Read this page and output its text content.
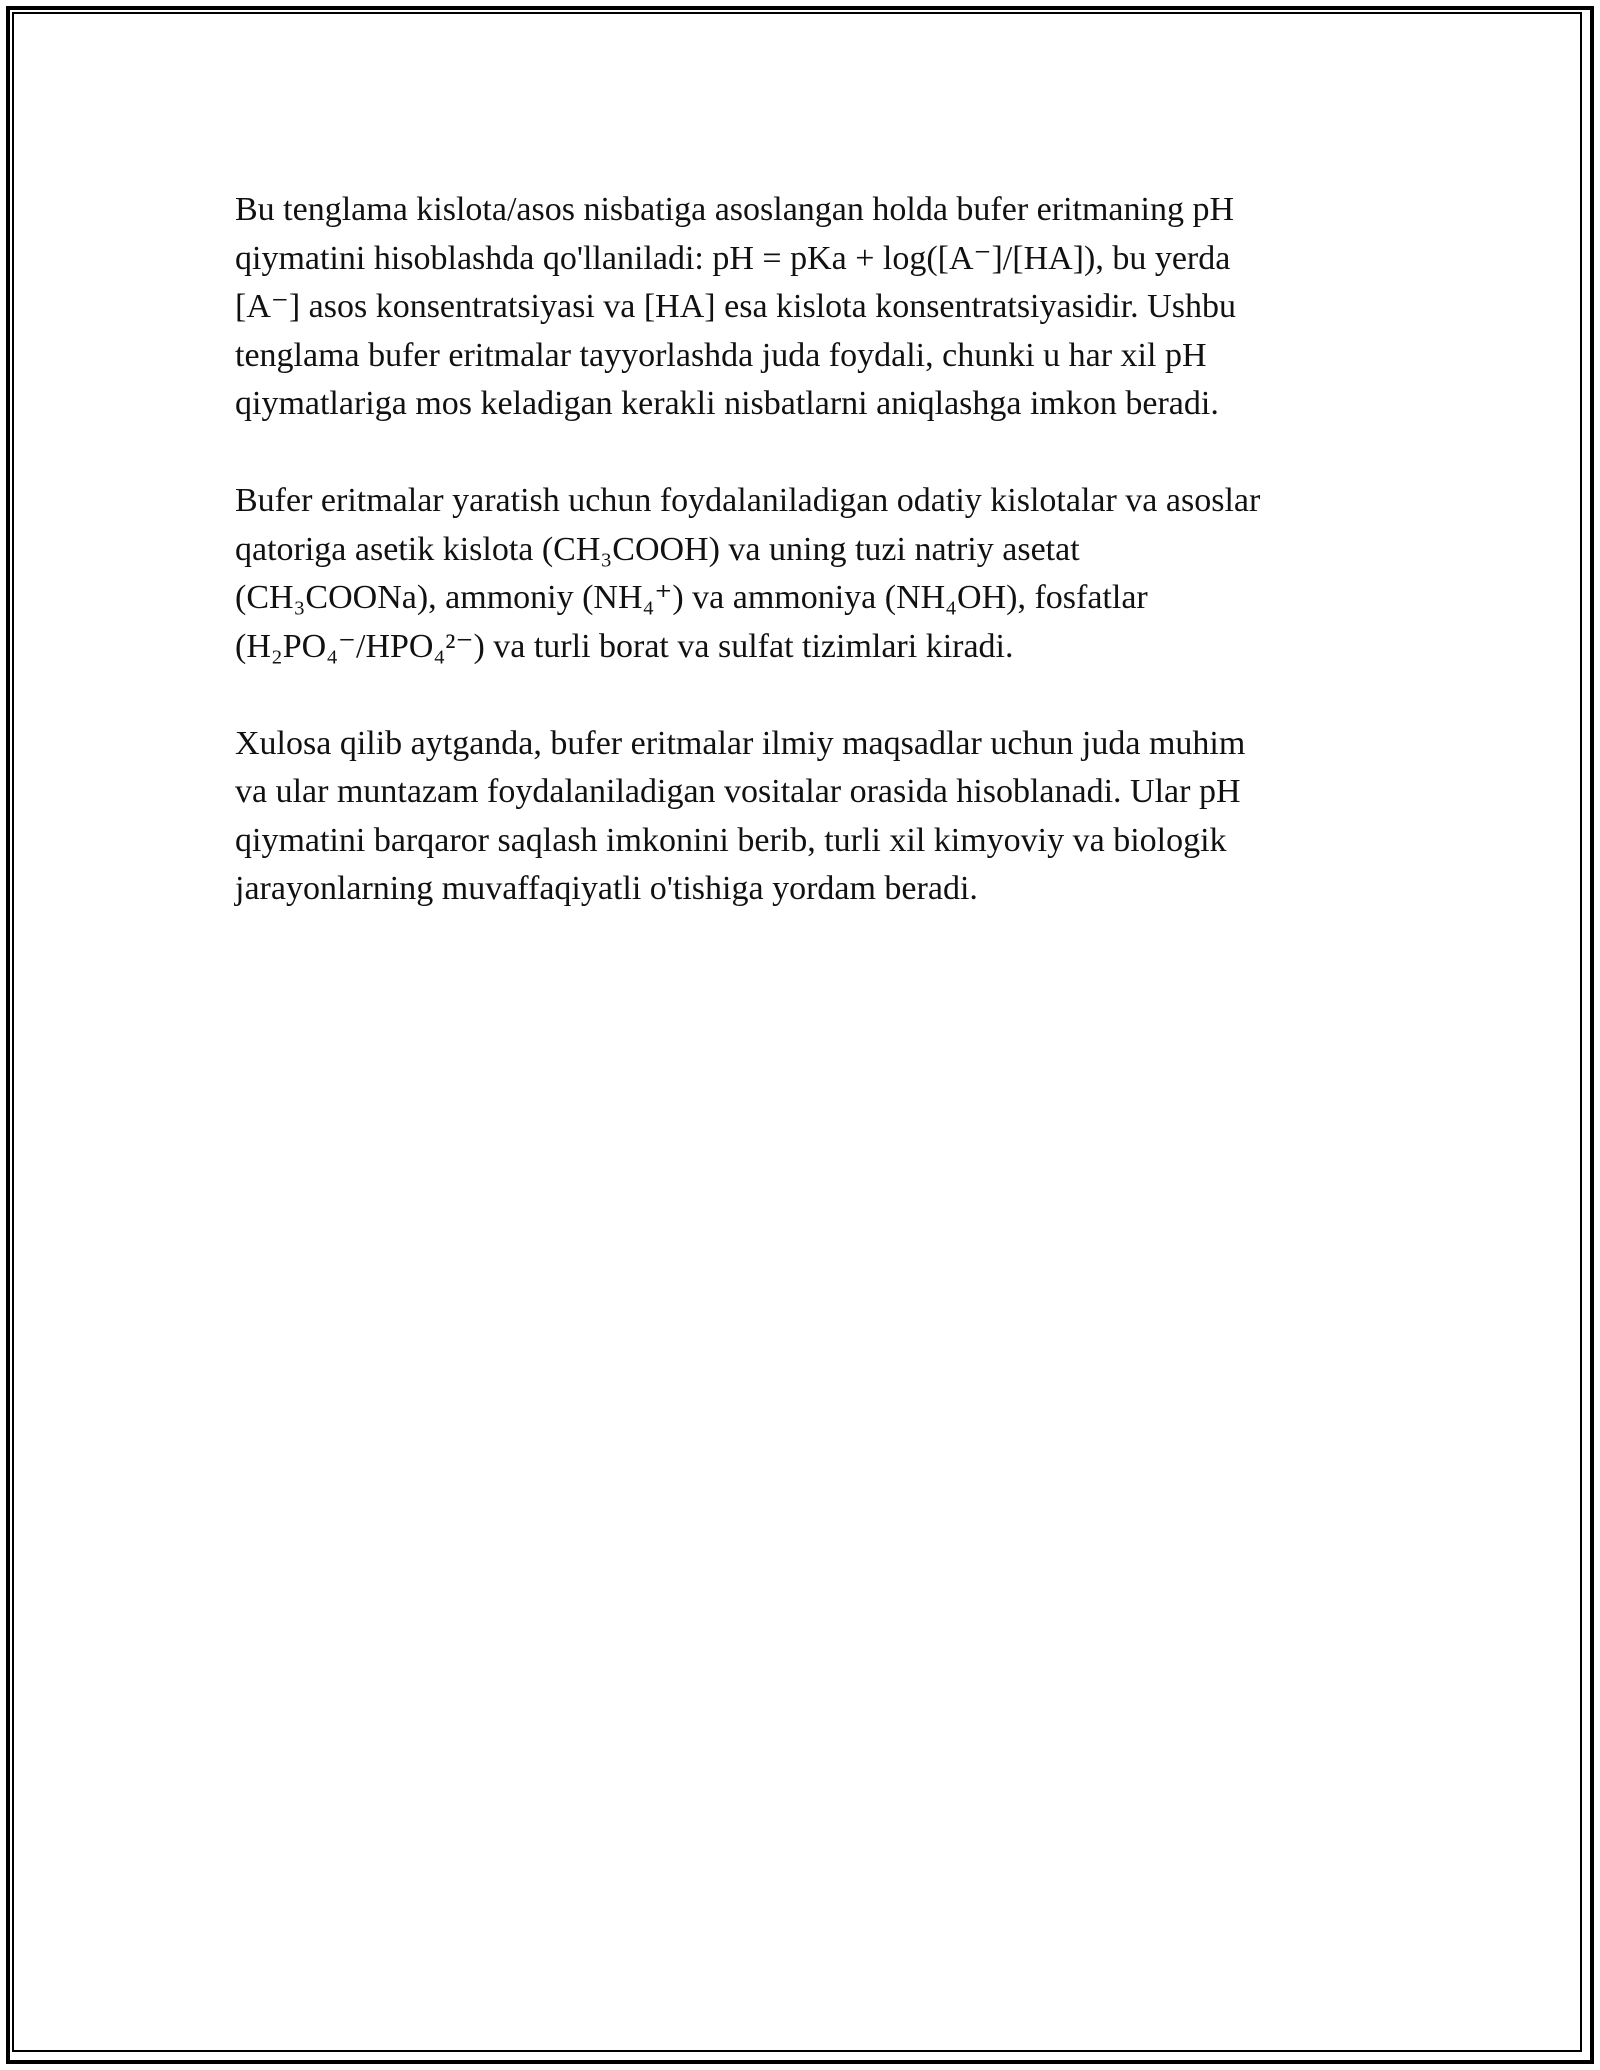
Bu tenglama kislota/asos nisbatiga asoslangan holda bufer eritmaning pH
qiymatini hisoblashda qo'llaniladi: pH = pKa + log([A⁻]/[HA]), bu yerda
[A⁻] asos konsentratsiyasi va [HA] esa kislota konsentratsiyasidir. Ushbu
tenglama bufer eritmalar tayyorlashda juda foydali, chunki u har xil pH
qiymatlariga mos keladigan kerakli nisbatlarni aniqlashga imkon beradi.

Bufer eritmalar yaratish uchun foydalaniladigan odatiy kislotalar va asoslar
qatoriga asetik kislota (CH₃COOH) va uning tuzi natriy asetat
(CH₃COONa), ammoniy (NH₄⁺) va ammoniya (NH₄OH), fosfatlar
(H₂PO₄⁻/HPO₄²⁻) va turli borat va sulfat tizimlari kiradi.

Xulosa qilib aytganda, bufer eritmalar ilmiy maqsadlar uchun juda muhim
va ular muntazam foydalaniladigan vositalar orasida hisoblanadi. Ular pH
qiymatini barqaror saqlash imkonini berib, turli xil kimyoviy va biologik
jarayonlarning muvaffaqiyatli o'tishiga yordam beradi.
